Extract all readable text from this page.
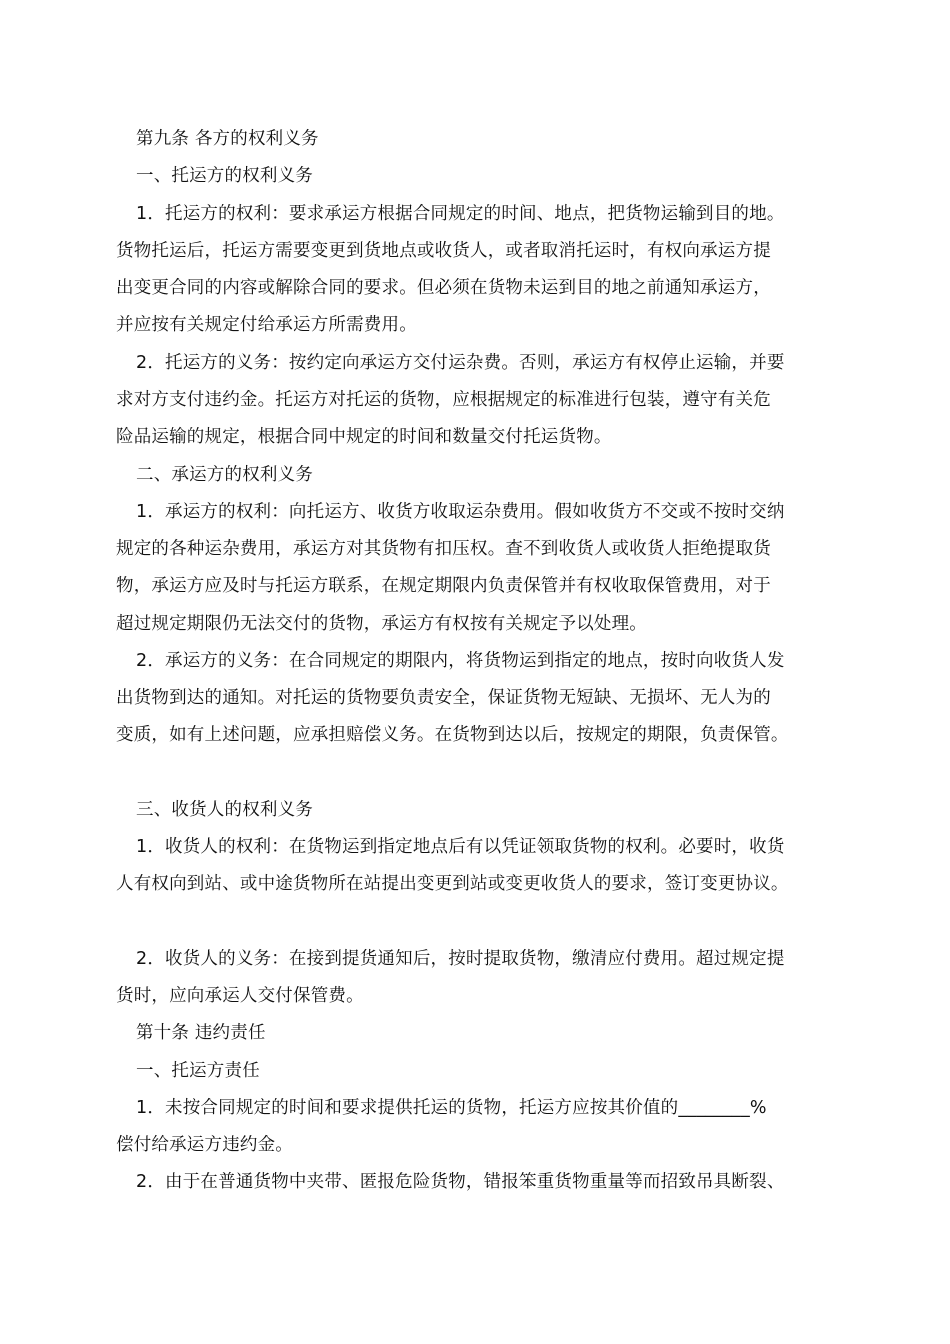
第九条 各方的权利义务
一、托运方的权利义务
1．托运方的权利：要求承运方根据合同规定的时间、地点，把货物运输到目的地。
货物托运后，托运方需要变更到货地点或收货人，或者取消托运时，有权向承运方提
出变更合同的内容或解除合同的要求。但必须在货物未运到目的地之前通知承运方，
并应按有关规定付给承运方所需费用。
2．托运方的义务：按约定向承运方交付运杂费。否则，承运方有权停止运输，并要
求对方支付违约金。托运方对托运的货物，应根据规定的标准进行包装，遵守有关危
险品运输的规定，根据合同中规定的时间和数量交付托运货物。
二、承运方的权利义务
1．承运方的权利：向托运方、收货方收取运杂费用。假如收货方不交或不按时交纳
规定的各种运杂费用，承运方对其货物有扣压权。查不到收货人或收货人拒绝提取货
物，承运方应及时与托运方联系，在规定期限内负责保管并有权收取保管费用，对于
超过规定期限仍无法交付的货物，承运方有权按有关规定予以处理。
2．承运方的义务：在合同规定的期限内，将货物运到指定的地点，按时向收货人发
出货物到达的通知。对托运的货物要负责安全，保证货物无短缺、无损坏、无人为的
变质，如有上述问题，应承担赔偿义务。在货物到达以后，按规定的期限，负责保管。
三、收货人的权利义务
1．收货人的权利：在货物运到指定地点后有以凭证领取货物的权利。必要时，收货
人有权向到站、或中途货物所在站提出变更到站或变更收货人的要求，签订变更协议。
2．收货人的义务：在接到提货通知后，按时提取货物，缴清应付费用。超过规定提
货时，应向承运人交付保管费。
第十条 违约责任
一、托运方责任
1．未按合同规定的时间和要求提供托运的货物，托运方应按其价值的________%
偿付给承运方违约金。
2．由于在普通货物中夹带、匿报危险货物，错报笨重货物重量等而招致吊具断裂、
